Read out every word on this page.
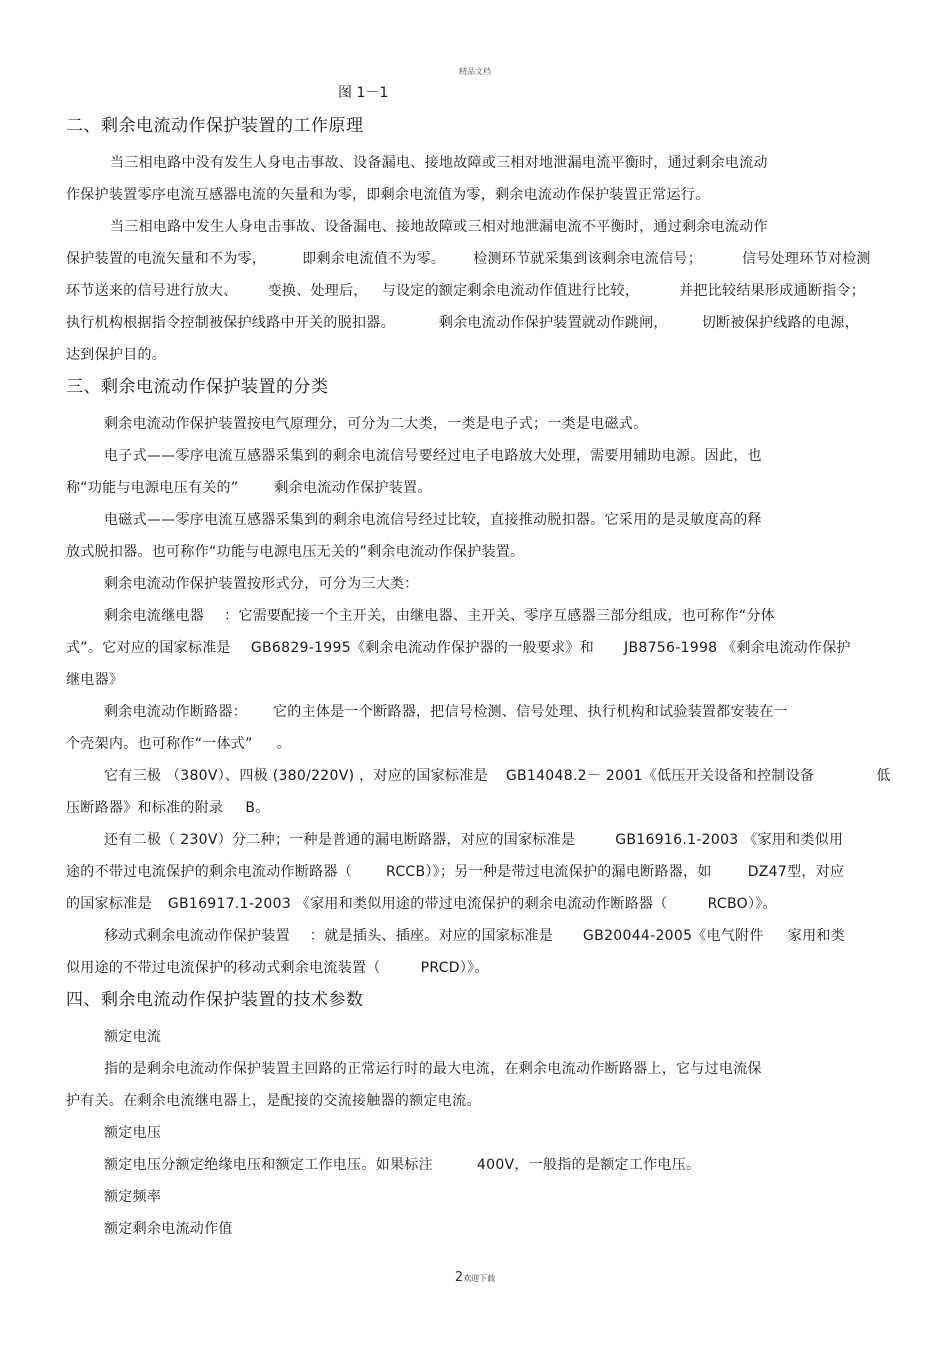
精品文档
图 1－1
二、剩余电流动作保护装置的工作原理
当三相电路中没有发生人身电击事故、设备漏电、接地故障或三相对地泄漏电流平衡时，通过剩余电流动
作保护装置零序电流互感器电流的矢量和为零，即剩余电流值为零，剩余电流动作保护装置正常运行。
当三相电路中发生人身电击事故、设备漏电、接地故障或三相对地泄漏电流不平衡时，通过剩余电流动作
保护装置的电流矢量和不为零，	即剩余电流值不为零。 检测环节就采集到该剩余电流信号；	信号处理环节对检测
环节送来的信号进行放大、 变换、处理后， 与设定的额定剩余电流动作值进行比较，	并把比较结果形成通断指令；
执行机构根据指令控制被保护线路中开关的脱扣器。	剩余电流动作保护装置就动作跳闸， 切断被保护线路的电源，
达到保护目的。
三、剩余电流动作保护装置的分类
剩余电流动作保护装置按电气原理分，可分为二大类，一类是电子式；一类是电磁式。
电子式——零序电流互感器采集到的剩余电流信号要经过电子电路放大处理，需要用辅助电源。因此，也
称“功能与电源电压有关的”	剩余电流动作保护装置。
电磁式——零序电流互感器采集到的剩余电流信号经过比较，直接推动脱扣器。它采用的是灵敏度高的释
放式脱扣器。也可称作“功能与电源电压无关的”剩余电流动作保护装置。
剩余电流动作保护装置按形式分，可分为三大类：
剩余电流继电器 ：它需要配接一个主开关，由继电器、主开关、零序互感器三部分组成，也可称作“分体
式”。它对应的国家标准是 GB6829-1995《剩余电流动作保护器的一般要求》和 JB8756-1998 《剩余电流动作保护
继电器》
剩余电流动作断路器： 它的主体是一个断路器，把信号检测、信号处理、执行机构和试验装置都安装在一
个壳架内。也可称作“一体式” 。
它有三极 （380V）、四极 (380/220V) ，对应的国家标准是 GB14048.2－ 2001《低压开关设备和控制设备	低
压断路器》和标准的附录 B。
还有二极（ 230V）分二种；一种是普通的漏电断路器，对应的国家标准是	GB16916.1-2003 《家用和类似用
途的不带过电流保护的剩余电流动作断路器（ RCCB）》；另一种是带过电流保护的漏电断路器，如	DZ47型，对应
的国家标准是 GB16917.1-2003 《家用和类似用途的带过电流保护的剩余电流动作断路器（	RCBO）》。
移动式剩余电流动作保护装置 ：就是插头、插座。对应的国家标准是 GB20044-2005《电气附件 家用和类
似用途的不带过电流保护的移动式剩余电流装置（	PRCD）》。
四、剩余电流动作保护装置的技术参数
额定电流
指的是剩余电流动作保护装置主回路的正常运行时的最大电流，在剩余电流动作断路器上，它与过电流保
护有关。在剩余电流继电器上，是配接的交流接触器的额定电流。
额定电压
额定电压分额定绝缘电压和额定工作电压。如果标注	400V，一般指的是额定工作电压。
额定频率
额定剩余电流动作值
2欢迎下载
